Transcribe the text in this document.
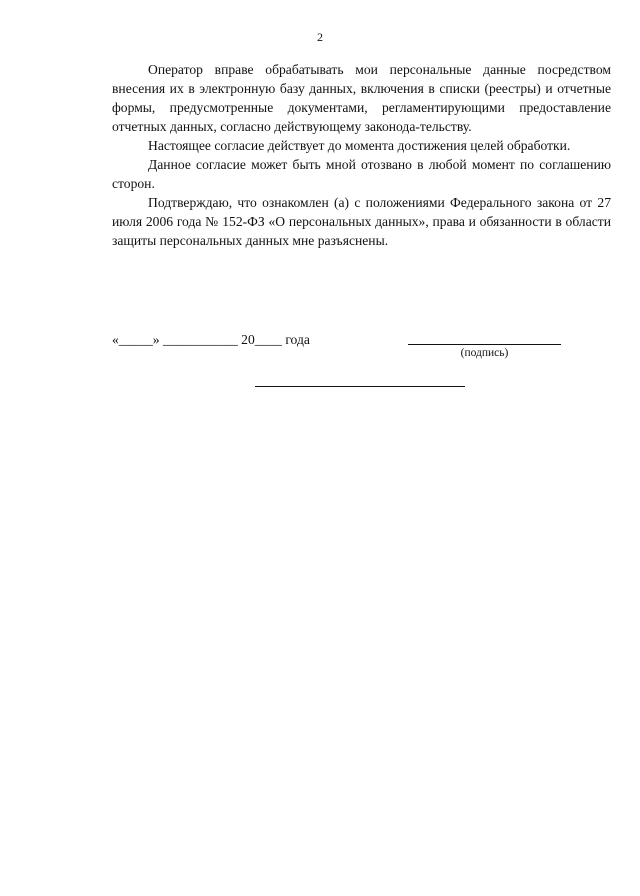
2

Оператор вправе обрабатывать мои персональные данные посредством внесения их в электронную базу данных, включения в списки (реестры) и отчетные формы, предусмотренные документами, регламентирующими предоставление отчетных данных, согласно действующему законода-тельству.

Настоящее согласие действует до момента достижения целей обработки.

Данное согласие может быть мной отозвано в любой момент по соглашению сторон.

Подтверждаю, что ознакомлен (а) с положениями Федерального закона от 27 июля 2006 года № 152-ФЗ «О персональных данных», права и обязанности в области защиты персональных данных мне разъяснены.

«_____» ___________ 20____ года
(подпись)
